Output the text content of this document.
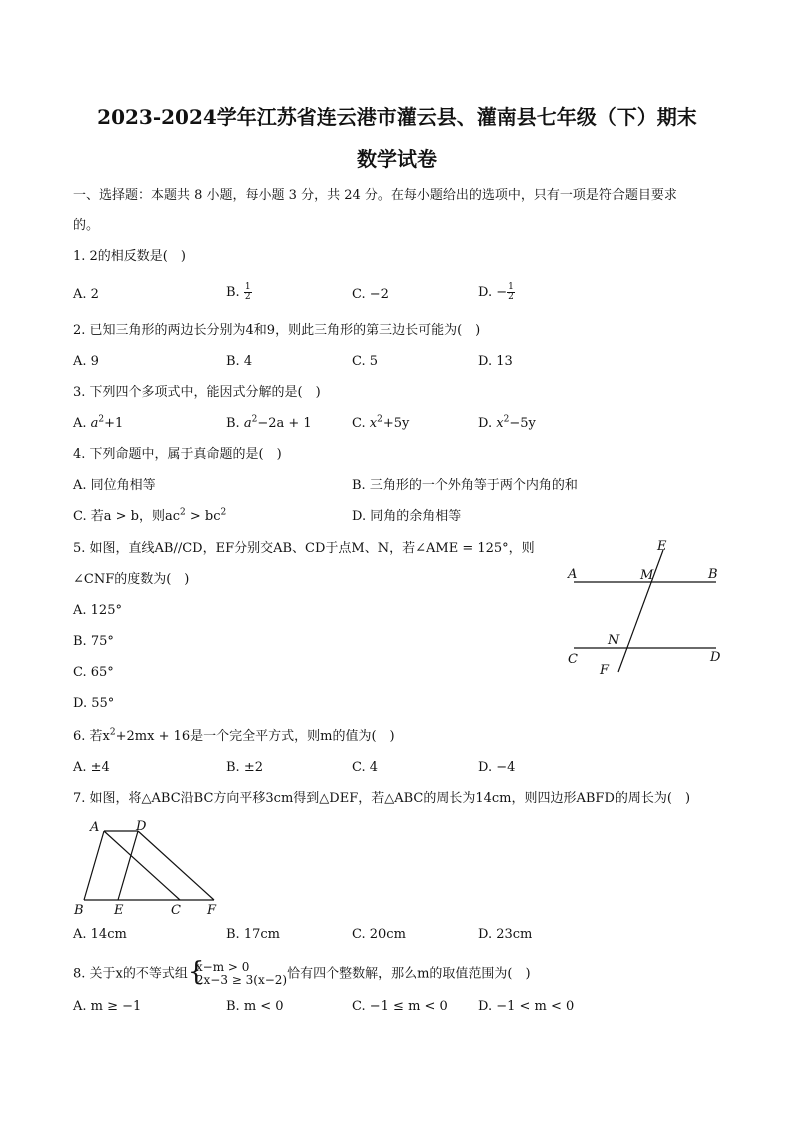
2023-2024学年江苏省连云港市灌云县、灌南县七年级（下）期末
数学试卷
一、选择题：本题共 8 小题，每小题 3 分，共 24 分。在每小题给出的选项中，只有一项是符合题目要求
的。
1. 2的相反数是(　)
A. 2	B. $\frac{1}{2}$	C. −2	D. − $\frac{1}{2}$
2. 已知三角形的两边长分别为4和9，则此三角形的第三边长可能为(　)
A. 9	B. 4	C. 5	D. 13
3. 下列四个多项式中，能因式分解的是(　)
A. $a^2+1$	B. $a^2-2a + 1$	C. $x^2+5y$	D. $x^2-5y$
4. 下列命题中，属于真命题的是(　)
A. 同位角相等	B. 三角形的一个外角等于两个内角的和
C. 若a > b，则$ac^2 > bc^2$	D. 同角的余角相等
5. 如图，直线AB//CD，EF分别交AB、CD于点M、N，若∠AME = 125°，则
∠CNF的度数为(　)
A. 125°
B. 75°
C. 65°
D. 55°
A	B
C	D
E
F
M
N
6. 若$x^2+2mx + 16$是一个完全平方式，则m的值为(　)
A. ±4	B. ±2	C. 4	D. −4
7. 如图，将△ABC沿BC方向平移3cm得到△DEF，若△ABC的周长为14cm，则四边形ABFD的周长为(　)
A	D
B E	C F
A. 14cm	B. 17cm	C. 20cm	D. 23cm
8. 关于x的不等式组 {
x−m > 0
2x−3 ≥ 3(x−2) 恰有四个整数解，那么m的取值范围为(　)
A. m ≥ −1	B. m < 0	C. −1 ≤ m < 0 D. −1 < m < 0
